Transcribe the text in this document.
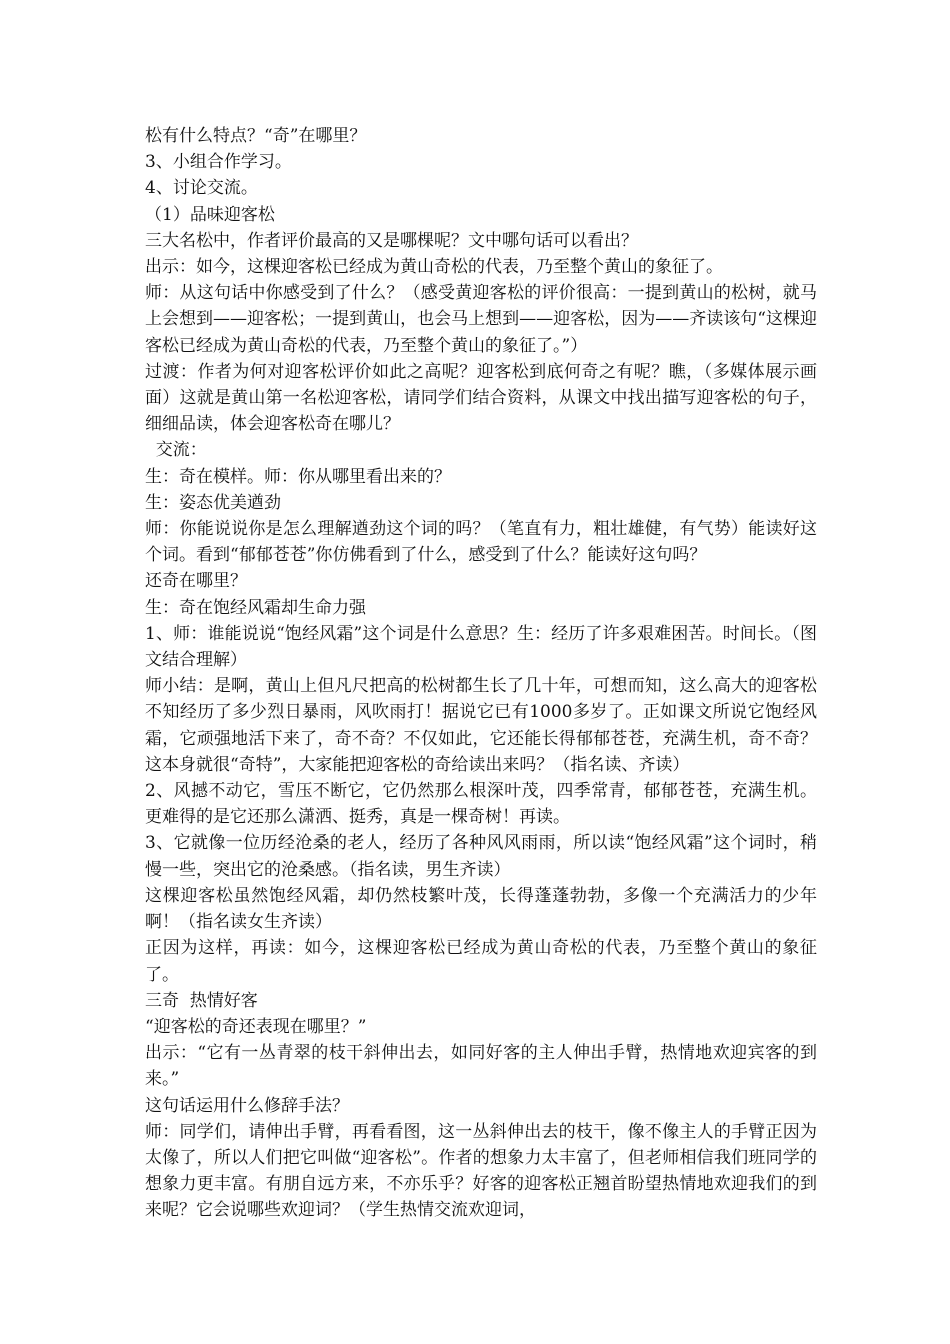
松有什么特点？“奇”在哪里？

3、小组合作学习。

4、讨论交流。

（1）品味迎客松

三大名松中，作者评价最高的又是哪棵呢？文中哪句话可以看出？

出示：如今，这棵迎客松已经成为黄山奇松的代表，乃至整个黄山的象征了。

师：从这句话中你感受到了什么？（感受黄迎客松的评价很高：一提到黄山的松树，就马上会想到——迎客松；一提到黄山，也会马上想到——迎客松，因为——齐读该句“这棵迎客松已经成为黄山奇松的代表，乃至整个黄山的象征了。”）

过渡：作者为何对迎客松评价如此之高呢？迎客松到底何奇之有呢？瞧，（多媒体展示画面）这就是黄山第一名松迎客松，请同学们结合资料，从课文中找出描写迎客松的句子，细细品读，体会迎客松奇在哪儿？

交流：

生：奇在模样。师：你从哪里看出来的？

生：姿态优美遒劲

师：你能说说你是怎么理解遒劲这个词的吗？（笔直有力，粗壮雄健，有气势）能读好这个词。看到“郁郁苍苍”你仿佛看到了什么，感受到了什么？能读好这句吗？

还奇在哪里？

生：奇在饱经风霜却生命力强

1、师：谁能说说“饱经风霜”这个词是什么意思？生：经历了许多艰难困苦。时间长。（图文结合理解）

师小结：是啊，黄山上但凡尺把高的松树都生长了几十年，可想而知，这么高大的迎客松不知经历了多少烈日暴雨，风吹雨打！据说它已有1000多岁了。正如课文所说它饱经风霜，它顽强地活下来了，奇不奇？不仅如此，它还能长得郁郁苍苍，充满生机，奇不奇？这本身就很“奇特”，大家能把迎客松的奇给读出来吗？（指名读、齐读）

2、风撼不动它，雪压不断它，它仍然那么根深叶茂，四季常青，郁郁苍苍，充满生机。更难得的是它还那么潇洒、挺秀，真是一棵奇树！再读。

3、它就像一位历经沧桑的老人，经历了各种风风雨雨，所以读“饱经风霜”这个词时，稍慢一些，突出它的沧桑感。（指名读，男生齐读）

这棵迎客松虽然饱经风霜，却仍然枝繁叶茂，长得蓬蓬勃勃，多像一个充满活力的少年啊！（指名读女生齐读）

正因为这样，再读：如今，这棵迎客松已经成为黄山奇松的代表，乃至整个黄山的象征了。

三奇  热情好客

“迎客松的奇还表现在哪里？”

出示：“它有一丛青翠的枝干斜伸出去，如同好客的主人伸出手臂，热情地欢迎宾客的到来。”

这句话运用什么修辞手法？

师：同学们，请伸出手臂，再看看图，这一丛斜伸出去的枝干，像不像主人的手臂正因为太像了，所以人们把它叫做“迎客松”。作者的想象力太丰富了，但老师相信我们班同学的想象力更丰富。有朋自远方来，不亦乐乎？好客的迎客松正翘首盼望热情地欢迎我们的到来呢？它会说哪些欢迎词？（学生热情交流欢迎词，
